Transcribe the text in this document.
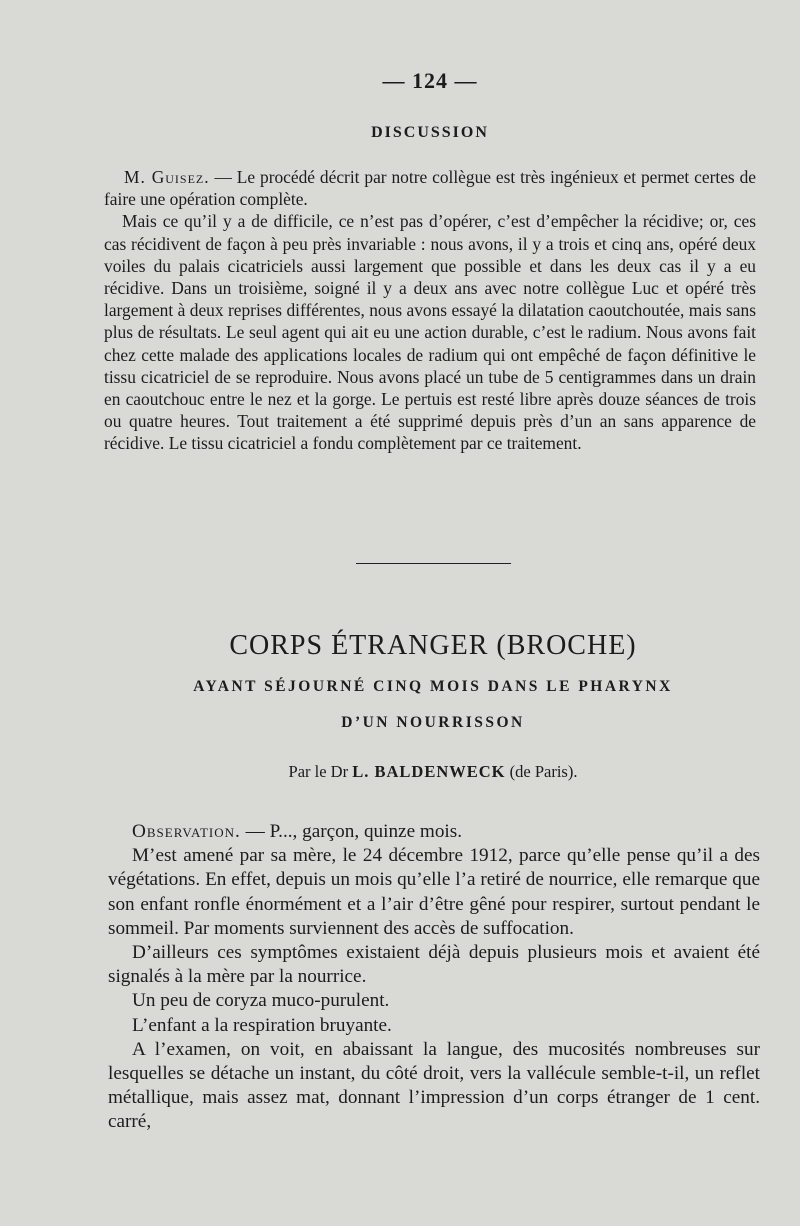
— 124 —
DISCUSSION

M. Guisez. — Le procédé décrit par notre collègue est très ingénieux et permet certes de faire une opération complète.

Mais ce qu’il y a de difficile, ce n’est pas d’opérer, c’est d’empêcher la récidive; or, ces cas récidivent de façon à peu près invariable : nous avons, il y a trois et cinq ans, opéré deux voiles du palais cicatriciels aussi largement que possible et dans les deux cas il y a eu récidive. Dans un troisième, soigné il y a deux ans avec notre collègue Luc et opéré très largement à deux reprises différentes, nous avons essayé la dilatation caoutchoutée, mais sans plus de résultats. Le seul agent qui ait eu une action durable, c’est le radium. Nous avons fait chez cette malade des applications locales de radium qui ont empêché de façon définitive le tissu cicatriciel de se reproduire. Nous avons placé un tube de 5 centigrammes dans un drain en caoutchouc entre le nez et la gorge. Le pertuis est resté libre après douze séances de trois ou quatre heures. Tout traitement a été supprimé depuis près d’un an sans apparence de récidive. Le tissu cicatriciel a fondu complètement par ce traitement.

CORPS ÉTRANGER (BROCHE)
AYANT SÉJOURNÉ CINQ MOIS DANS LE PHARYNX
D’UN NOURRISSON
Par le Dr L. BALDENWECK (de Paris).

Observation. — P..., garçon, quinze mois.

M’est amené par sa mère, le 24 décembre 1912, parce qu’elle pense qu’il a des végétations. En effet, depuis un mois qu’elle l’a retiré de nourrice, elle remarque que son enfant ronfle énormément et a l’air d’être gêné pour respirer, surtout pendant le sommeil. Par moments surviennent des accès de suffocation.

D’ailleurs ces symptômes existaient déjà depuis plusieurs mois et avaient été signalés à la mère par la nourrice.

Un peu de coryza muco-purulent.

L’enfant a la respiration bruyante.

A l’examen, on voit, en abaissant la langue, des mucosités nombreuses sur lesquelles se détache un instant, du côté droit, vers la vallécule semble-t-il, un reflet métallique, mais assez mat, donnant l’impression d’un corps étranger de 1 cent. carré,
